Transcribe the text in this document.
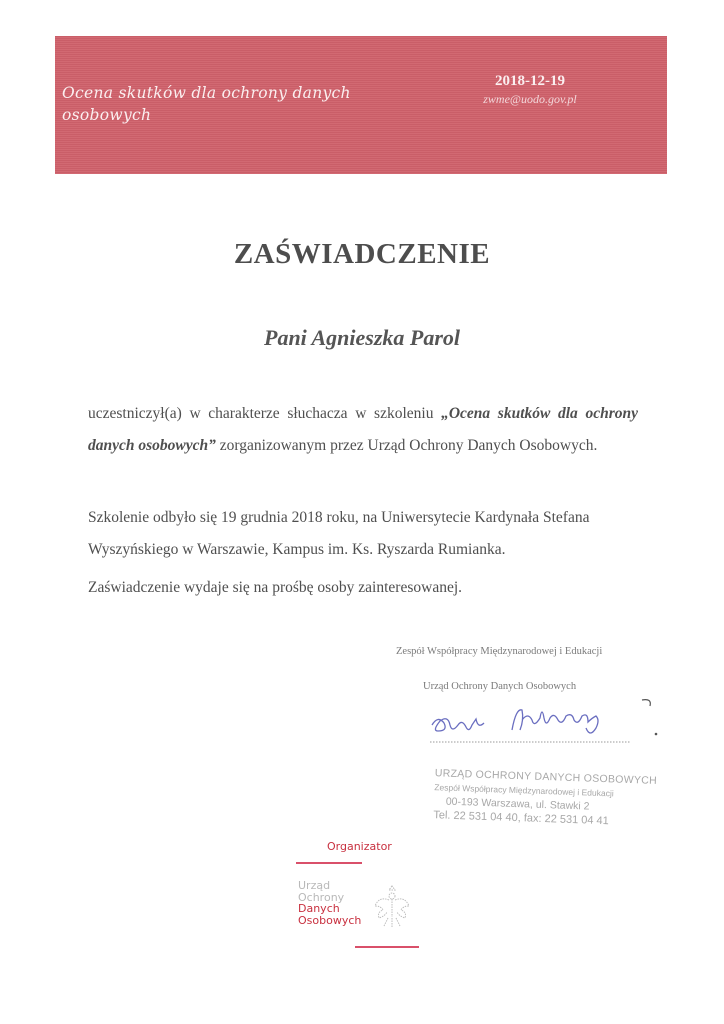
Ocena skutków dla ochrony danych osobowych
2018-12-19
zwme@uodo.gov.pl
ZAŚWIADCZENIE
Pani Agnieszka Parol
uczestniczył(a) w charakterze słuchacza w szkoleniu „Ocena skutków dla ochrony danych osobowych” zorganizowanym przez Urząd Ochrony Danych Osobowych.
Szkolenie odbyło się 19 grudnia 2018 roku, na Uniwersytecie Kardynała Stefana Wyszyńskiego w Warszawie, Kampus im. Ks. Ryszarda Rumianka.
Zaświadczenie wydaje się na prośbę osoby zainteresowanej.
Zespół Współpracy Międzynarodowej i Edukacji
Urząd Ochrony Danych Osobowych
URZĄD OCHRONY DANYCH OSOBOWYCH
Zespół Współpracy Międzynarodowej i Edukacji
00-193 Warszawa, ul. Stawki 2
Tel. 22 531 04 40, fax: 22 531 04 41
Organizator
Urząd
Ochrony
Danych
Osobowych
